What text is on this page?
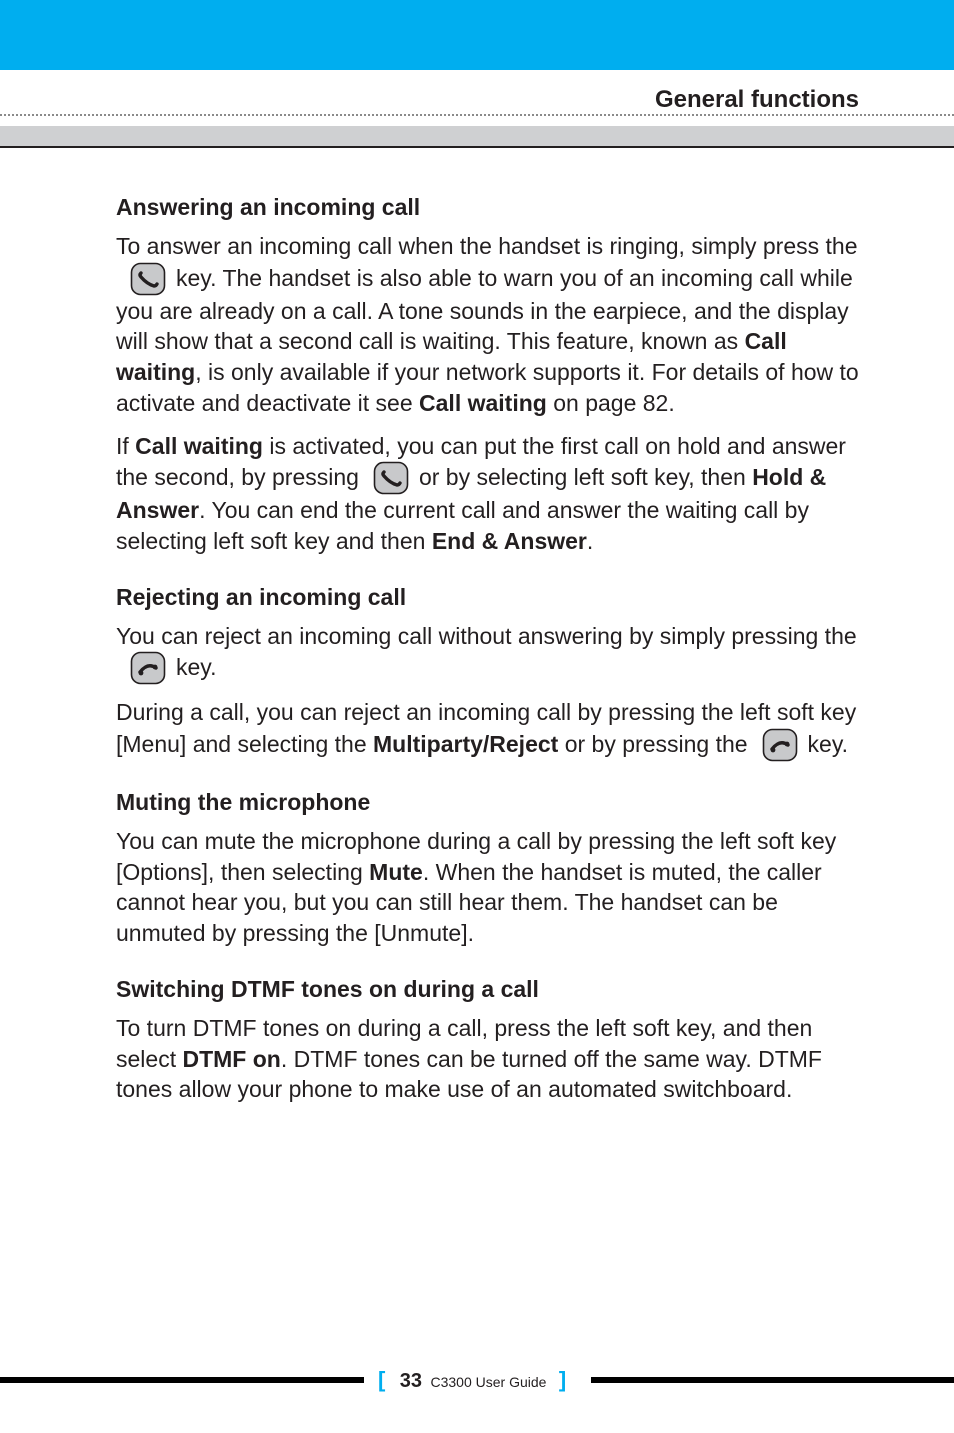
General functions
Answering an incoming call

To answer an incoming call when the handset is ringing, simply press the
key. The handset is also able to warn you of an incoming call while you are already on a call. A tone sounds in the earpiece, and the display will show that a second call is waiting. This feature, known as Call waiting, is only available if your network supports it. For details of how to activate and deactivate it see Call waiting on page 82.

If Call waiting is activated, you can put the first call on hold and answer the second, by pressing	or by selecting left soft key, then Hold & Answer. You can end the current call and answer the waiting call by selecting left soft key and then End & Answer.

Rejecting an incoming call

You can reject an incoming call without answering by simply pressing the
key.

During a call, you can reject an incoming call by pressing the left soft key [Menu] and selecting the Multiparty/Reject or by pressing the	key.

Muting the microphone

You can mute the microphone during a call by pressing the left soft key [Options], then selecting Mute. When the handset is muted, the caller cannot hear you, but you can still hear them. The handset can be unmuted by pressing the [Unmute].

Switching DTMF tones on during a call

To turn DTMF tones on during a call, press the left soft key, and then select DTMF on. DTMF tones can be turned off the same way. DTMF tones allow your phone to make use of an automated switchboard.

[ 33 C3300 User Guide ]
